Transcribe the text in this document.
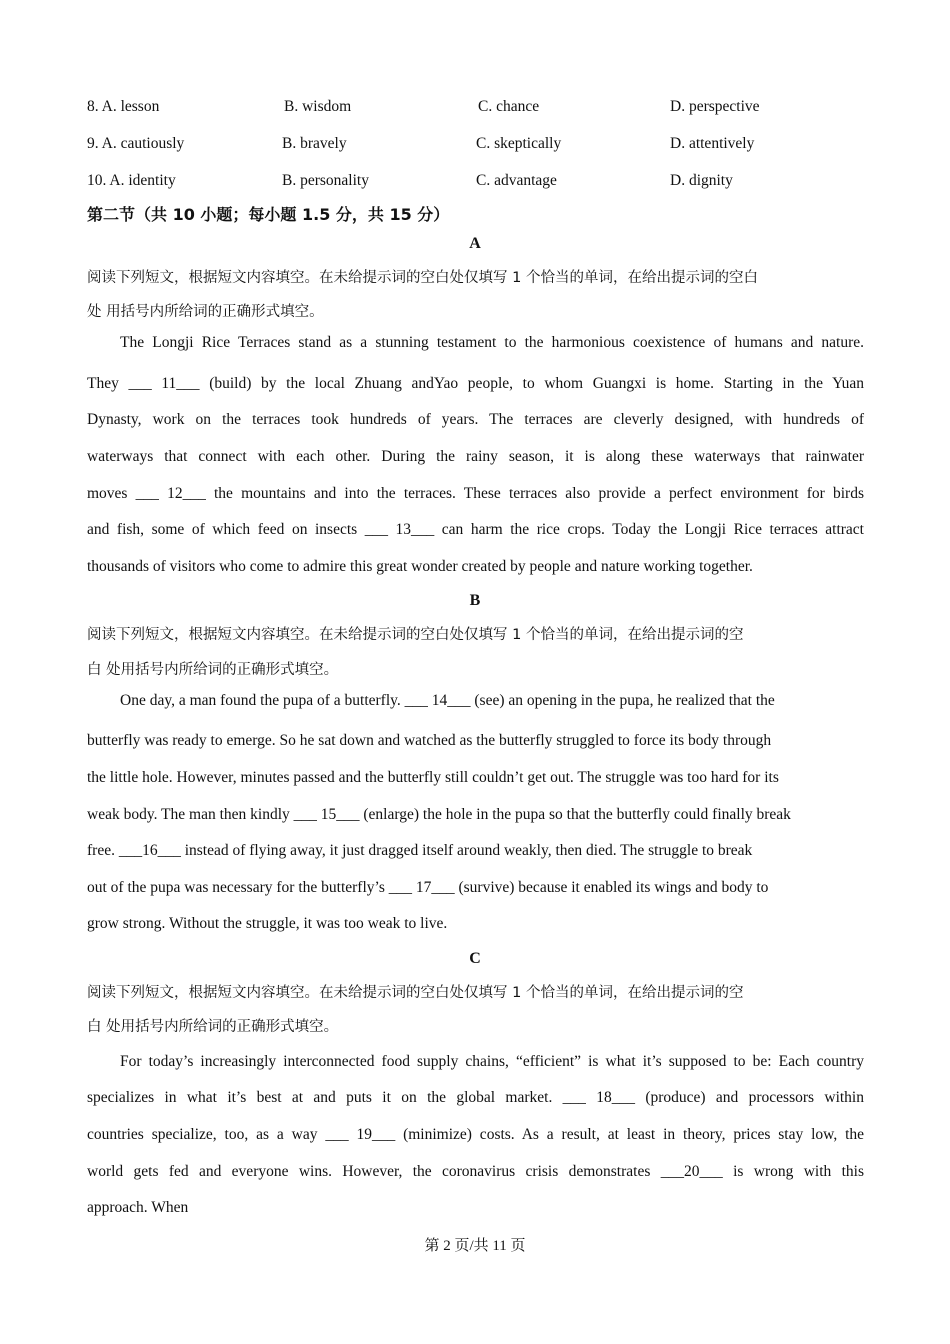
8. A. lesson	B. wisdom	C. chance	D. perspective
9. A. cautiously	B. bravely	C. skeptically	D. attentively
10. A. identity	B. personality	C. advantage	D. dignity
第二节（共 10 小题；每小题 1.5 分，共 15 分）
A
阅读下列短文，根据短文内容填空。在未给提示词的空白处仅填写 1 个恰当的单词，在给出提示词的空白
处 用括号内所给词的正确形式填空。
The Longji Rice Terraces stand as a stunning testament to the harmonious coexistence of humans and nature.
They ___ 11___ (build) by the local Zhuang andYao people, to whom Guangxi is home. Starting in the Yuan
Dynasty, work on the terraces took hundreds of years. The terraces are cleverly designed, with hundreds of
waterways that connect with each other. During the rainy season, it is along these waterways that rainwater
moves ___ 12___ the mountains and into the terraces. These terraces also provide a perfect environment for birds
and fish, some of which feed on insects ___ 13___ can harm the rice crops. Today the Longji Rice terraces attract
thousands of visitors who come to admire this great wonder created by people and nature working together.
B
阅读下列短文，根据短文内容填空。在未给提示词的空白处仅填写 1 个恰当的单词，在给出提示词的空
白 处用括号内所给词的正确形式填空。
One day, a man found the pupa of a butterfly. ___ 14___ (see) an opening in the pupa, he realized that the
butterfly was ready to emerge. So he sat down and watched as the butterfly struggled to force its body through
the little hole. However, minutes passed and the butterfly still couldn’t get out. The struggle was too hard for its
weak body. The man then kindly ___ 15___ (enlarge) the hole in the pupa so that the butterfly could finally break
free. ___16___ instead of flying away, it just dragged itself around weakly, then died. The struggle to break
out of the pupa was necessary for the butterfly’s ___ 17___ (survive) because it enabled its wings and body to
grow strong. Without the struggle, it was too weak to live.
C
阅读下列短文，根据短文内容填空。在未给提示词的空白处仅填写 1 个恰当的单词，在给出提示词的空
白 处用括号内所给词的正确形式填空。
For today’s increasingly interconnected food supply chains, “efficient” is what it’s supposed to be: Each country
specializes in what it’s best at and puts it on the global market. ___ 18___ (produce) and processors within
countries specialize, too, as a way ___ 19___ (minimize) costs. As a result, at least in theory, prices stay low, the
world gets fed and everyone wins. However, the coronavirus crisis demonstrates ___20___ is wrong with this
approach. When
第 2 页/共 11 页
